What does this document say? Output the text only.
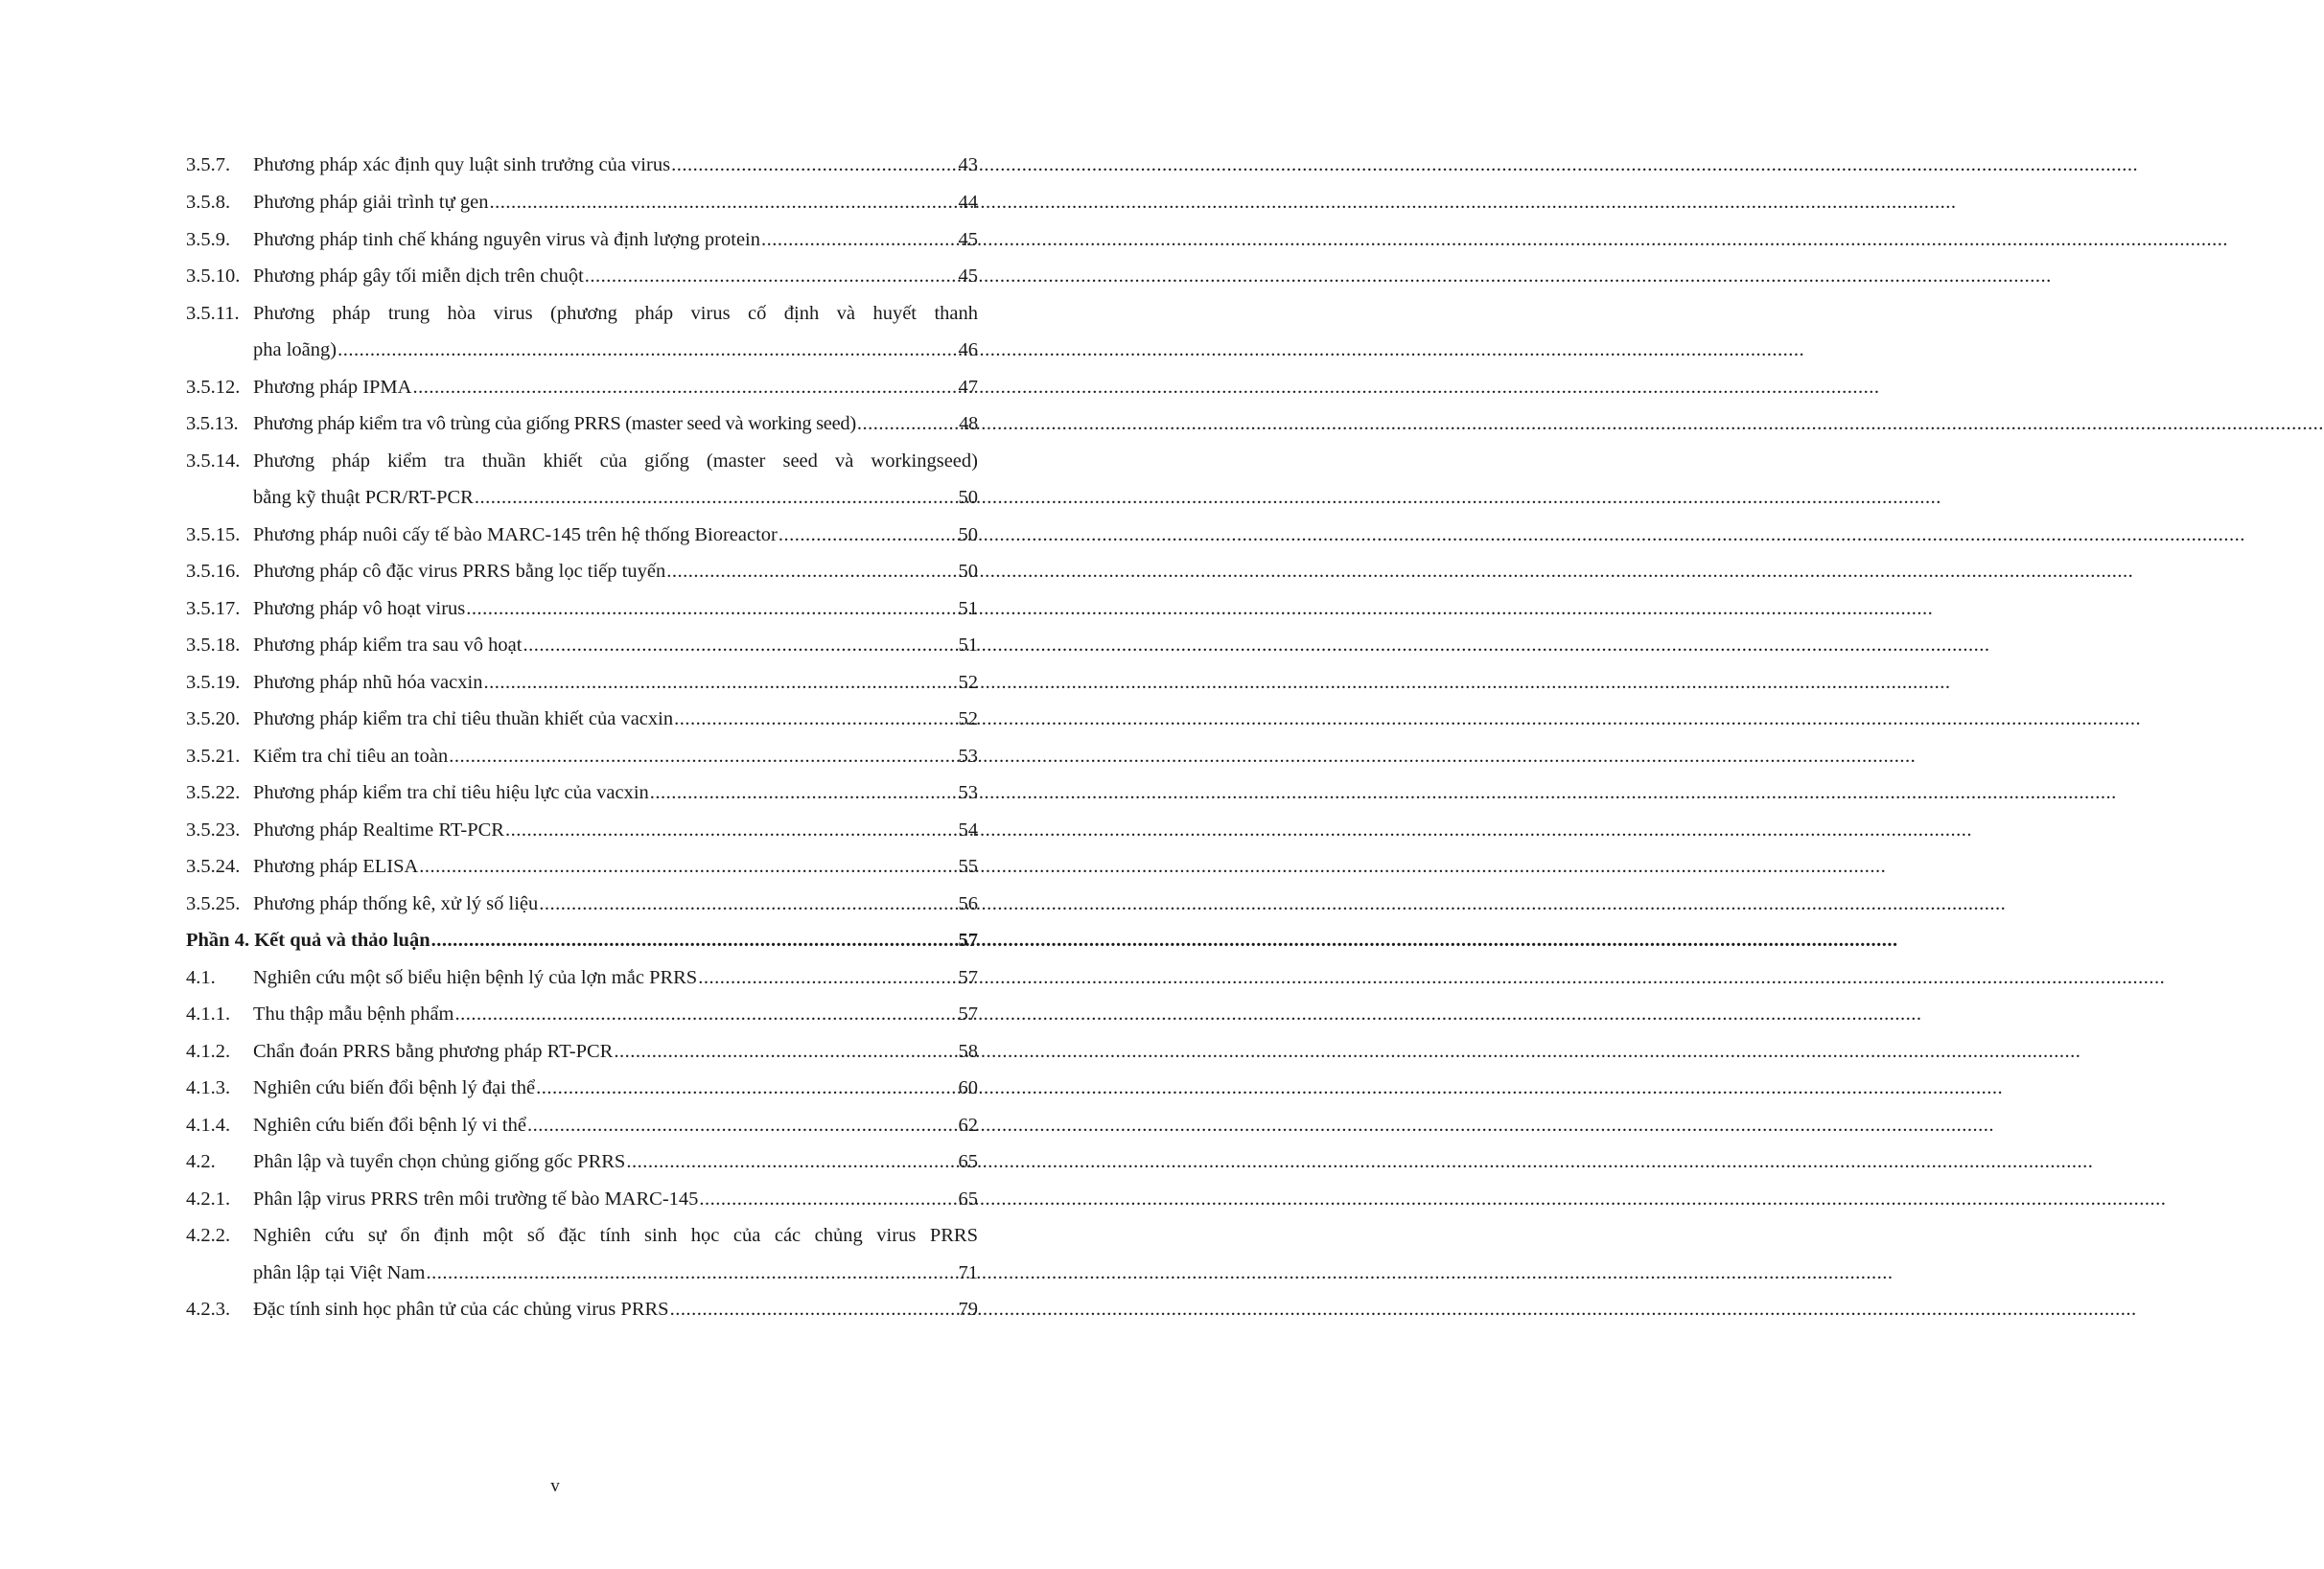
3.5.7.	Phương pháp xác định quy luật sinh trưởng của virus .....	43
3.5.8.	Phương pháp giải trình tự gen .....	44
3.5.9.	Phương pháp tinh chế kháng nguyên virus và định lượng protein .....	45
3.5.10. Phương pháp gây tối miễn dịch trên chuột .....	45
3.5.11. Phương pháp trung hòa virus (phương pháp virus cố định và huyết thanh
pha loãng) .....	46
3.5.12. Phương pháp IPMA .....	47
3.5.13. Phương pháp kiểm tra vô trùng của giống PRRS (master seed và working seed) .....	48
3.5.14. Phương pháp kiểm tra thuần khiết của giống (master seed và workingseed)
bằng kỹ thuật PCR/RT-PCR .....	50
3.5.15. Phương pháp nuôi cấy tế bào MARC-145 trên hệ thống Bioreactor .....	50
3.5.16. Phương pháp cô đặc virus PRRS bằng lọc tiếp tuyến .....	50
3.5.17. Phương pháp vô hoạt virus .....	51
3.5.18. Phương pháp kiểm tra sau vô hoạt .....	51
3.5.19. Phương pháp nhũ hóa vacxin .....	52
3.5.20. Phương pháp kiểm tra chỉ tiêu thuần khiết của vacxin .....	52
3.5.21. Kiểm tra chỉ tiêu an toàn .....	53
3.5.22. Phương pháp kiểm tra chỉ tiêu hiệu lực của vacxin .....	53
3.5.23. Phương pháp Realtime RT-PCR .....	54
3.5.24. Phương pháp ELISA .....	55
3.5.25. Phương pháp thống kê, xử lý số liệu .....	56
Phần 4. Kết quả và thảo luận .....	57
4.1.	Nghiên cứu một số biểu hiện bệnh lý của lợn mắc PRRS .....	57
4.1.1.	Thu thập mẫu bệnh phẩm .....	57
4.1.2.	Chẩn đoán PRRS bằng phương pháp RT-PCR .....	58
4.1.3.	Nghiên cứu biến đổi bệnh lý đại thể .....	60
4.1.4.	Nghiên cứu biến đổi bệnh lý vi thể .....	62
4.2.	Phân lập và tuyển chọn chủng giống gốc PRRS .....	65
4.2.1.	Phân lập virus PRRS trên môi trường tế bào MARC-145 .....	65
4.2.2.	Nghiên cứu sự ổn định một số đặc tính sinh học của các chủng virus PRRS
phân lập tại Việt Nam .....	71
4.2.3.	Đặc tính sinh học phân tử của các chủng virus PRRS .....	79
v
